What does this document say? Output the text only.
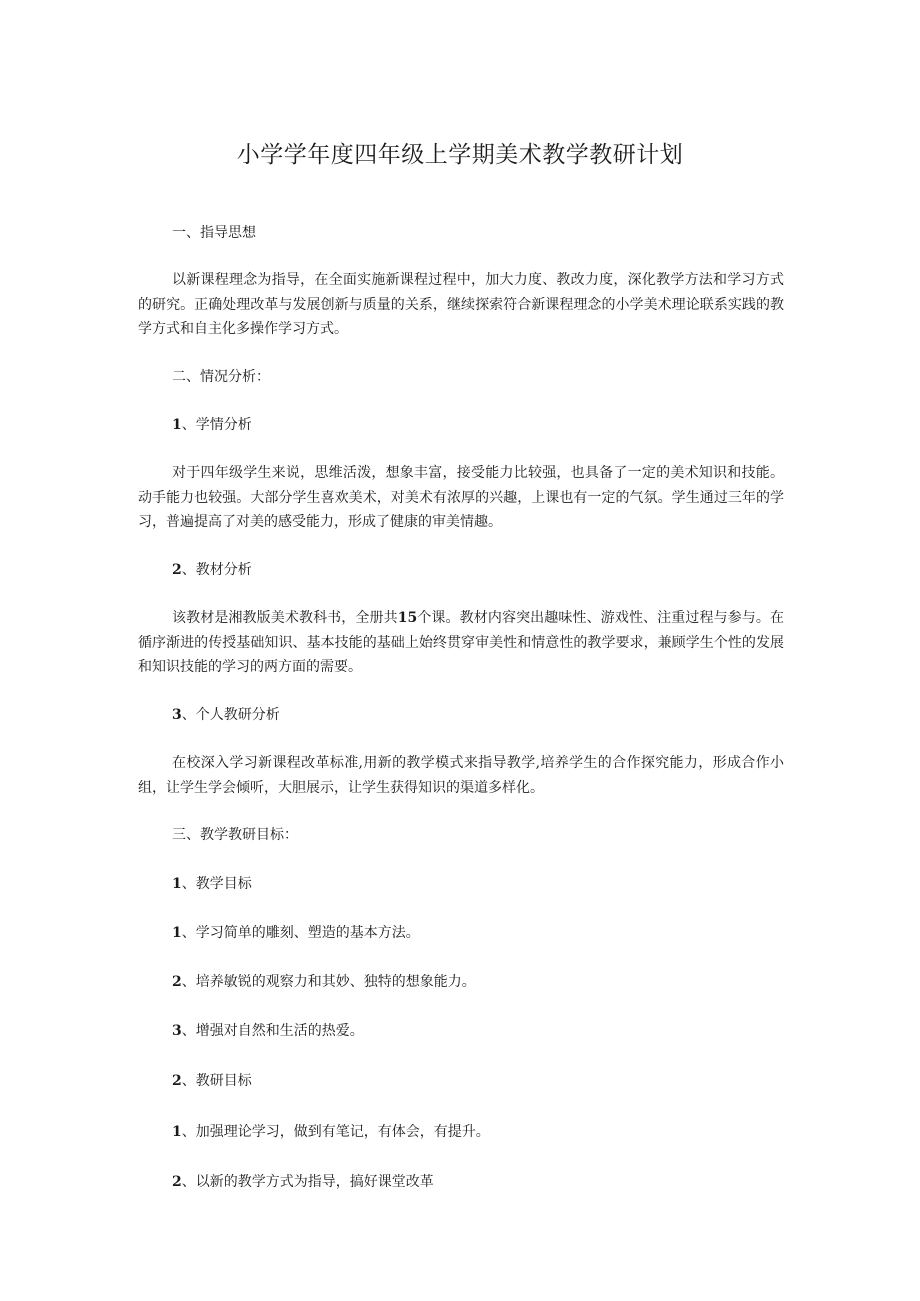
小学学年度四年级上学期美术教学教研计划
一、指导思想
以新课程理念为指导，在全面实施新课程过程中，加大力度、教改力度，深化教学方法和学习方式的研究。正确处理改革与发展创新与质量的关系，继续探索符合新课程理念的小学美术理论联系实践的教学方式和自主化多操作学习方式。
二、情况分析：
1、学情分析
对于四年级学生来说，思维活泼，想象丰富，接受能力比较强，也具备了一定的美术知识和技能。动手能力也较强。大部分学生喜欢美术，对美术有浓厚的兴趣，上课也有一定的气氛。学生通过三年的学习，普遍提高了对美的感受能力，形成了健康的审美情趣。
2、教材分析
该教材是湘教版美术教科书，全册共15个课。教材内容突出趣味性、游戏性、注重过程与参与。在循序渐进的传授基础知识、基本技能的基础上始终贯穿审美性和情意性的教学要求，兼顾学生个性的发展和知识技能的学习的两方面的需要。
3、个人教研分析
在校深入学习新课程改革标准,用新的教学模式来指导教学,培养学生的合作探究能力，形成合作小组，让学生学会倾听，大胆展示，让学生获得知识的渠道多样化。
三、教学教研目标：
1、教学目标
1、学习简单的雕刻、塑造的基本方法。
2、培养敏锐的观察力和其妙、独特的想象能力。
3、增强对自然和生活的热爱。
2、教研目标
1、加强理论学习，做到有笔记，有体会，有提升。
2、以新的教学方式为指导，搞好课堂改革
